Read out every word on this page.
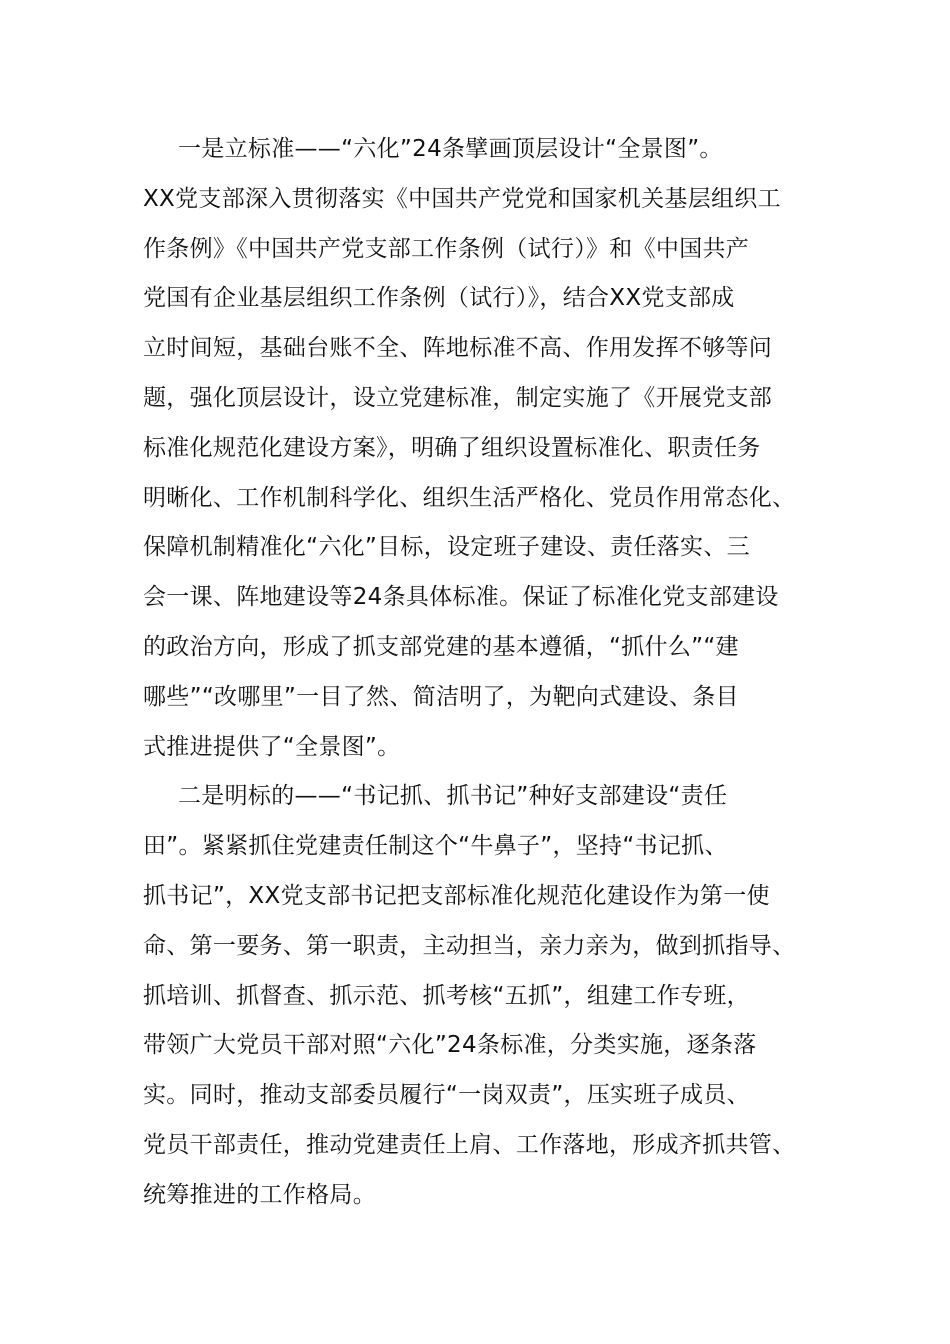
一是立标准——“六化”24条擘画顶层设计“全景图”。
XX党支部深入贯彻落实《中国共产党党和国家机关基层组织工
作条例》《中国共产党支部工作条例（试行）》和《中国共产
党国有企业基层组织工作条例（试行）》，结合XX党支部成
立时间短，基础台账不全、阵地标准不高、作用发挥不够等问
题，强化顶层设计，设立党建标准，制定实施了《开展党支部
标准化规范化建设方案》，明确了组织设置标准化、职责任务
明晰化、工作机制科学化、组织生活严格化、党员作用常态化、
保障机制精准化“六化”目标，设定班子建设、责任落实、三
会一课、阵地建设等24条具体标准。保证了标准化党支部建设
的政治方向，形成了抓支部党建的基本遵循，“抓什么”“建
哪些”“改哪里”一目了然、简洁明了，为靶向式建设、条目
式推进提供了“全景图”。
二是明标的——“书记抓、抓书记”种好支部建设“责任
田”。紧紧抓住党建责任制这个“牛鼻子”，坚持“书记抓、
抓书记”，XX党支部书记把支部标准化规范化建设作为第一使
命、第一要务、第一职责，主动担当，亲力亲为，做到抓指导、
抓培训、抓督查、抓示范、抓考核“五抓”，组建工作专班，
带领广大党员干部对照“六化”24条标准，分类实施，逐条落
实。同时，推动支部委员履行“一岗双责”，压实班子成员、
党员干部责任，推动党建责任上肩、工作落地，形成齐抓共管、
统筹推进的工作格局。
